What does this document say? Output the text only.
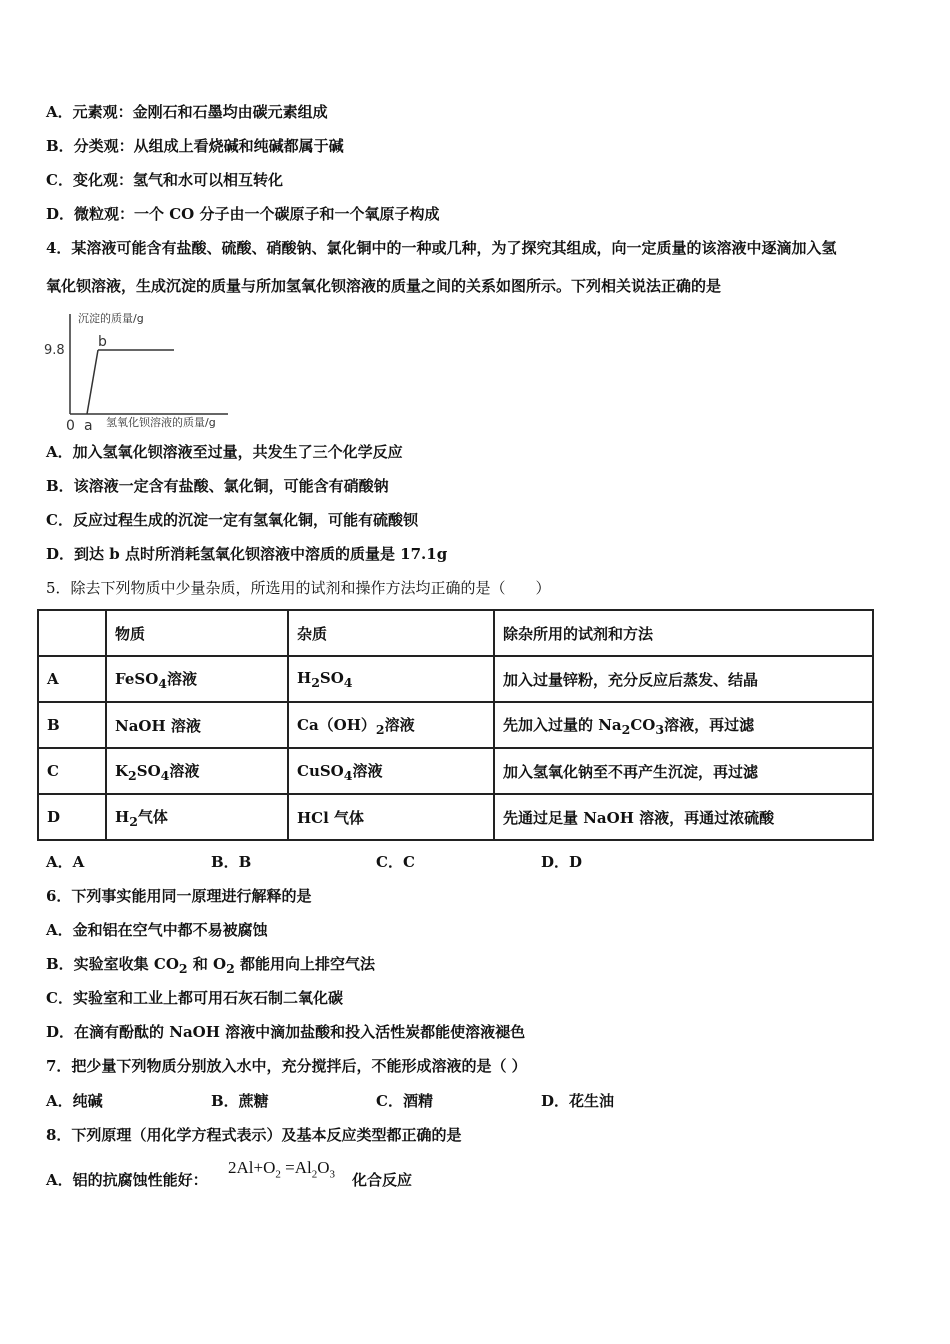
A．元素观：金刚石和石墨均由碳元素组成
B．分类观：从组成上看烧碱和纯碱都属于碱
C．变化观：氢气和水可以相互转化
D．微粒观：一个 CO 分子由一个碳原子和一个氧原子构成
4．某溶液可能含有盐酸、硫酸、硝酸钠、氯化铜中的一种或几种，为了探究其组成，向一定质量的该溶液中逐滴加入氢
氧化钡溶液，生成沉淀的质量与所加氢氧化钡溶液的质量之间的关系如图所示。下列相关说法正确的是
沉淀的质量/g
9.8
0 a
b
氢氧化钡溶液的质量/g
A．加入氢氧化钡溶液至过量，共发生了三个化学反应
B．该溶液一定含有盐酸、氯化铜，可能含有硝酸钠
C．反应过程生成的沉淀一定有氢氧化铜，可能有硫酸钡
D．到达 b 点时所消耗氢氧化钡溶液中溶质的质量是 17.1g
5．除去下列物质中少量杂质，所选用的试剂和操作方法均正确的是（　　）
	物质	杂质	除杂所用的试剂和方法
A	FeSO$_4$溶液	$H_2SO_4$	加入过量锌粉，充分反应后蒸发、结晶
B	NaOH 溶液	$Ca(OH)_2$溶液	先加入过量的 $Na_2CO_3$溶液，再过滤
C	$K_2SO_4$溶液	CuSO$_4$溶液	加入氢氧化钠至不再产生沉淀，再过滤
D	$H_2$气体	HCl 气体	先通过足量 NaOH 溶液，再通过浓硫酸
A．A	B．B	C．C	D．D
6．下列事实能用同一原理进行解释的是
A．金和铝在空气中都不易被腐蚀
B．实验室收集 $CO_2$ 和 $O_2$ 都能用向上排空气法
C．实验室和工业上都可用石灰石制二氧化碳
D．在滴有酚酞的 NaOH 溶液中滴加盐酸和投入活性炭都能使溶液褪色
7．把少量下列物质分别放入水中，充分搅拌后，不能形成溶液的是（ ）
A．纯碱	B．蔗糖	C．酒精	D．花生油
8．下列原理（用化学方程式表示）及基本反应类型都正确的是
A．铝的抗腐蚀性能好：
$2Al+O_2 =Al_2O_3$ 化合反应
